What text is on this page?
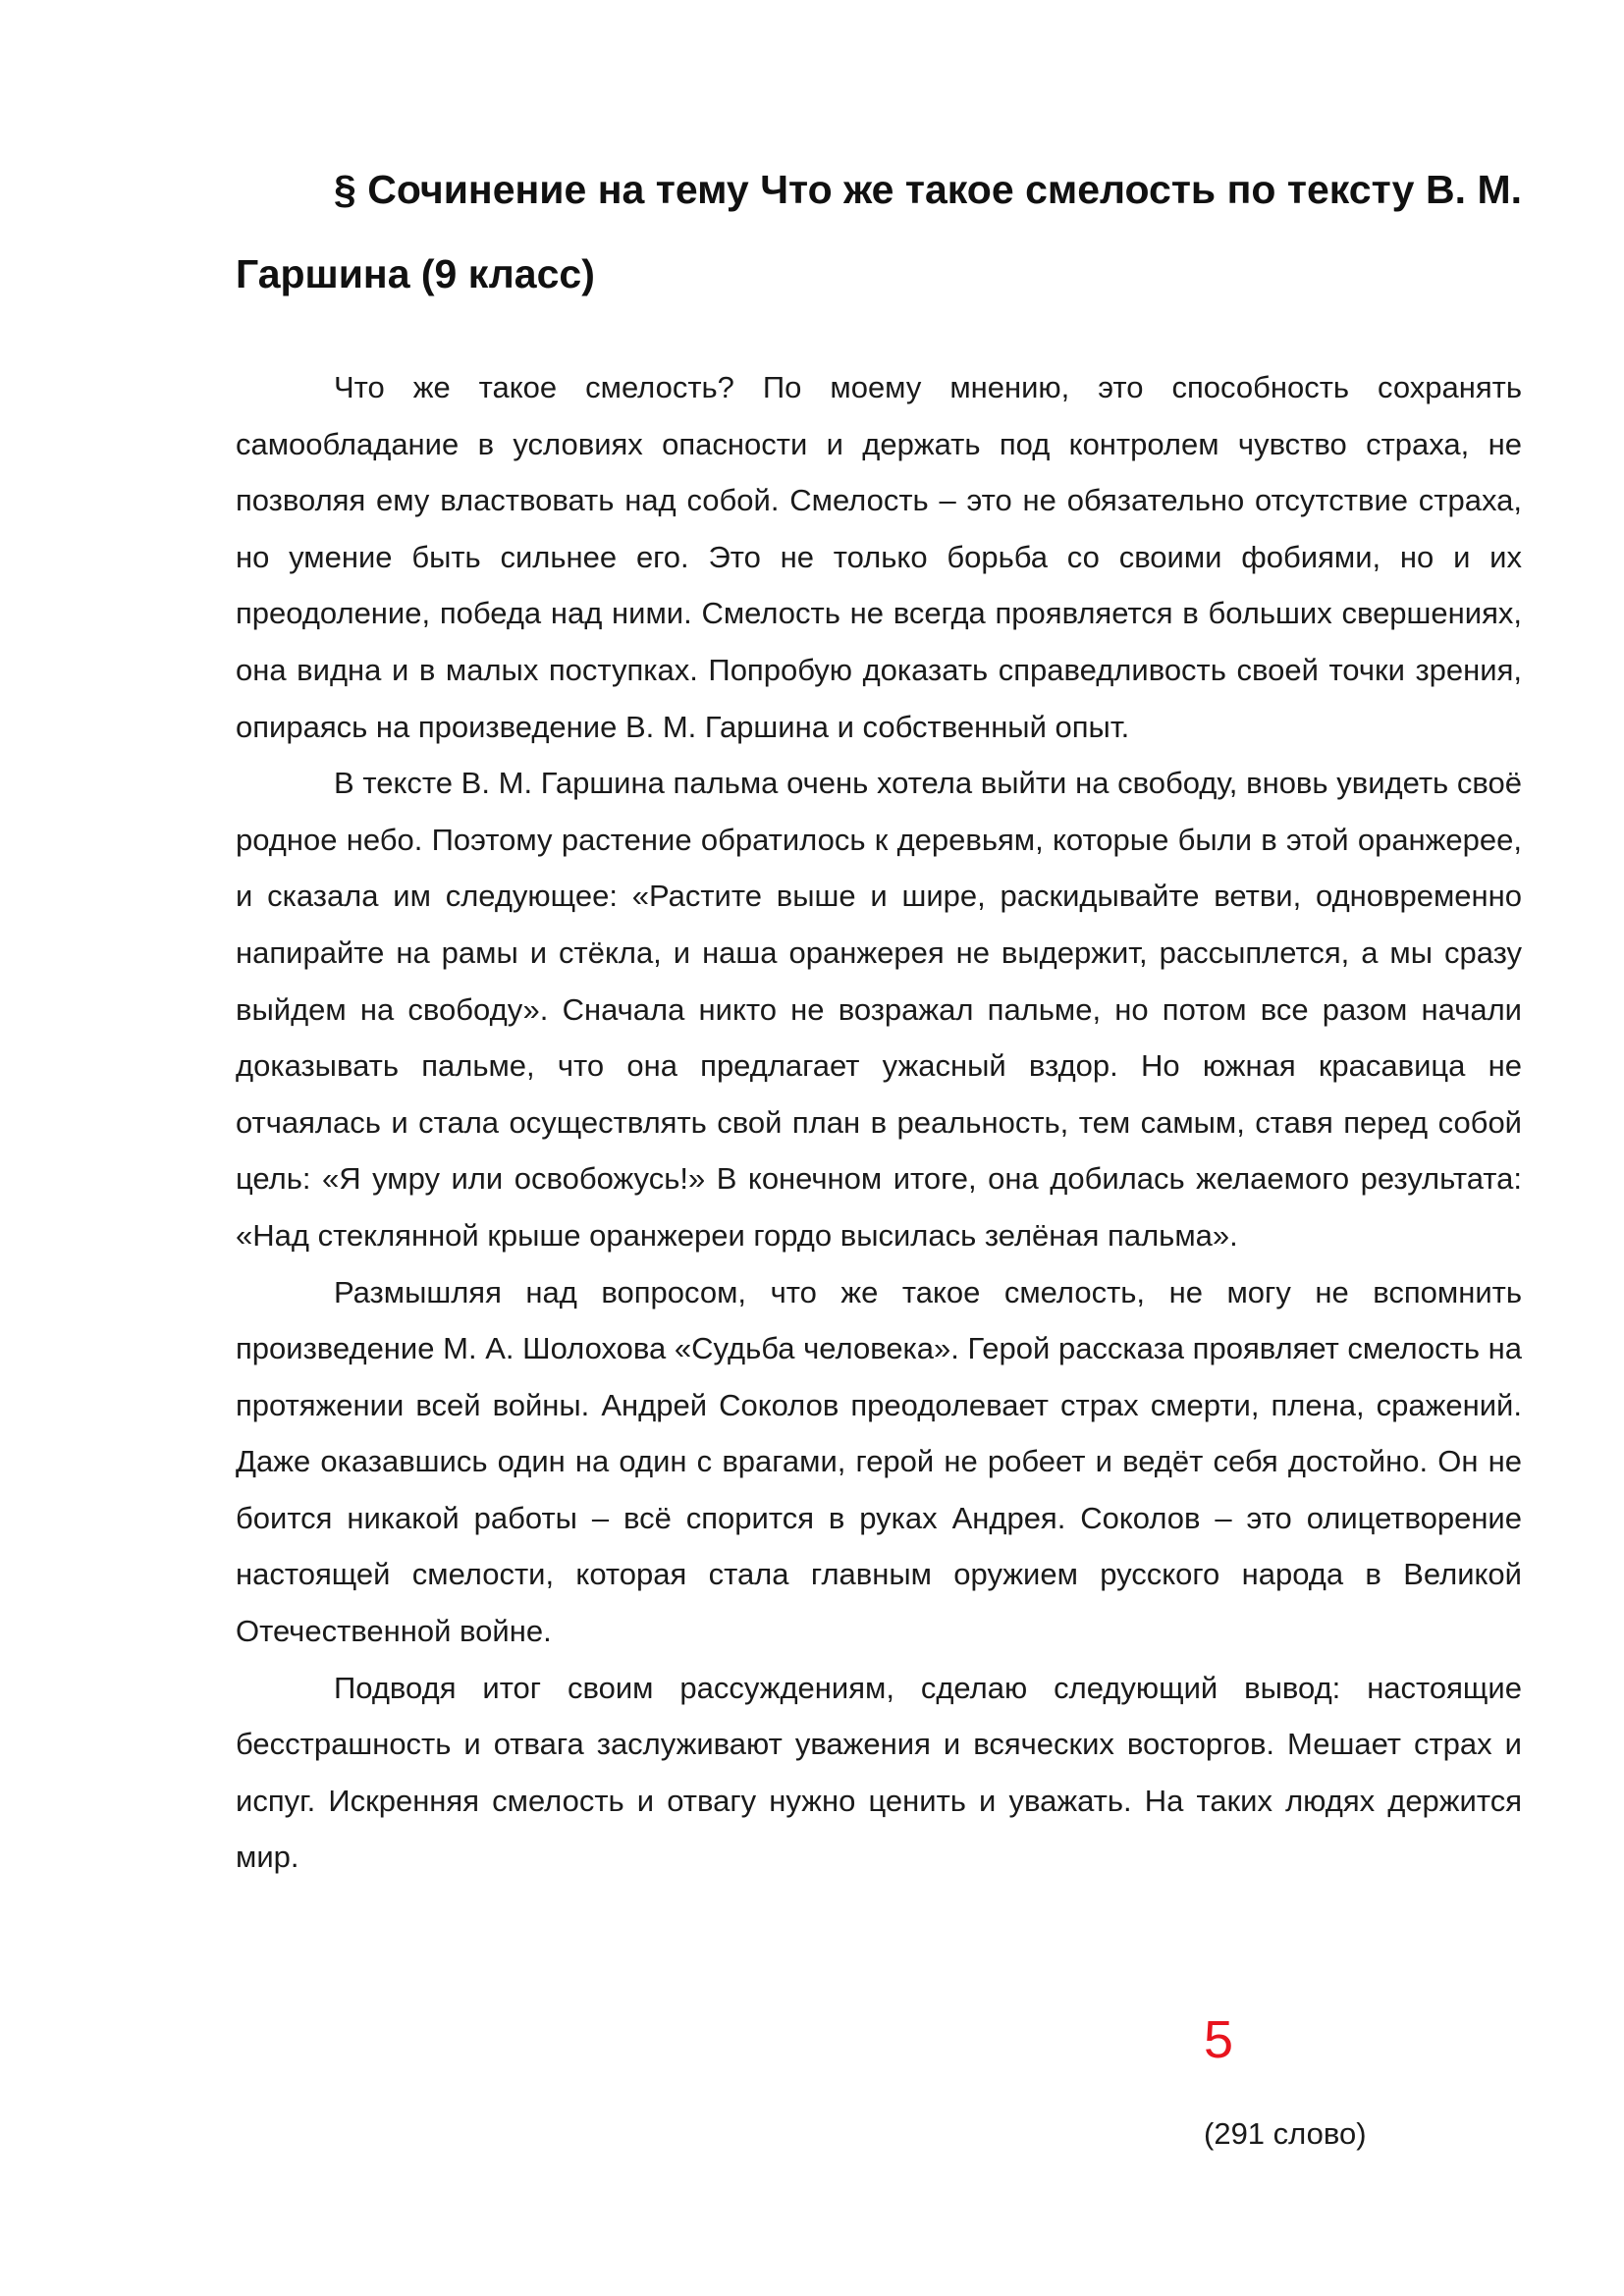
§ Сочинение на тему Что же такое смелость по тексту В. М. Гаршина (9 класс)

Что же такое смелость? По моему мнению, это способность сохранять самообладание в условиях опасности и держать под контролем чувство страха, не позволяя ему властвовать над собой. Смелость – это не обязательно отсутствие страха, но умение быть сильнее его. Это не только борьба со своими фобиями, но и их преодоление, победа над ними. Смелость не всегда проявляется в больших свершениях, она видна и в малых поступках. Попробую доказать справедливость своей точки зрения, опираясь на произведение В. М. Гаршина и собственный опыт.

В тексте В. М. Гаршина пальма очень хотела выйти на свободу, вновь увидеть своё родное небо. Поэтому растение обратилось к деревьям, которые были в этой оранжерее, и сказала им следующее: «Растите выше и шире, раскидывайте ветви, одновременно напирайте на рамы и стёкла, и наша оранжерея не выдержит, рассыплется, а мы сразу выйдем на свободу». Сначала никто не возражал пальме, но потом все разом начали доказывать пальме, что она предлагает ужасный вздор. Но южная красавица не отчаялась и стала осуществлять свой план в реальность, тем самым, ставя перед собой цель: «Я умру или освобожусь!» В конечном итоге, она добилась желаемого результата: «Над стеклянной крыше оранжереи гордо высилась зелёная пальма».

Размышляя над вопросом, что же такое смелость, не могу не вспомнить произведение М. А. Шолохова «Судьба человека». Герой рассказа проявляет смелость на протяжении всей войны. Андрей Соколов преодолевает страх смерти, плена, сражений. Даже оказавшись один на один с врагами, герой не робеет и ведёт себя достойно. Он не боится никакой работы – всё спорится в руках Андрея. Соколов – это олицетворение настоящей смелости, которая стала главным оружием русского народа в Великой Отечественной войне.

Подводя итог своим рассуждениям, сделаю следующий вывод: настоящие бесстрашность и отвага заслуживают уважения и всяческих восторгов. Мешает страх и испуг. Искренняя смелость и отвагу нужно ценить и уважать. На таких людях держится мир.

5
(291 слово)
